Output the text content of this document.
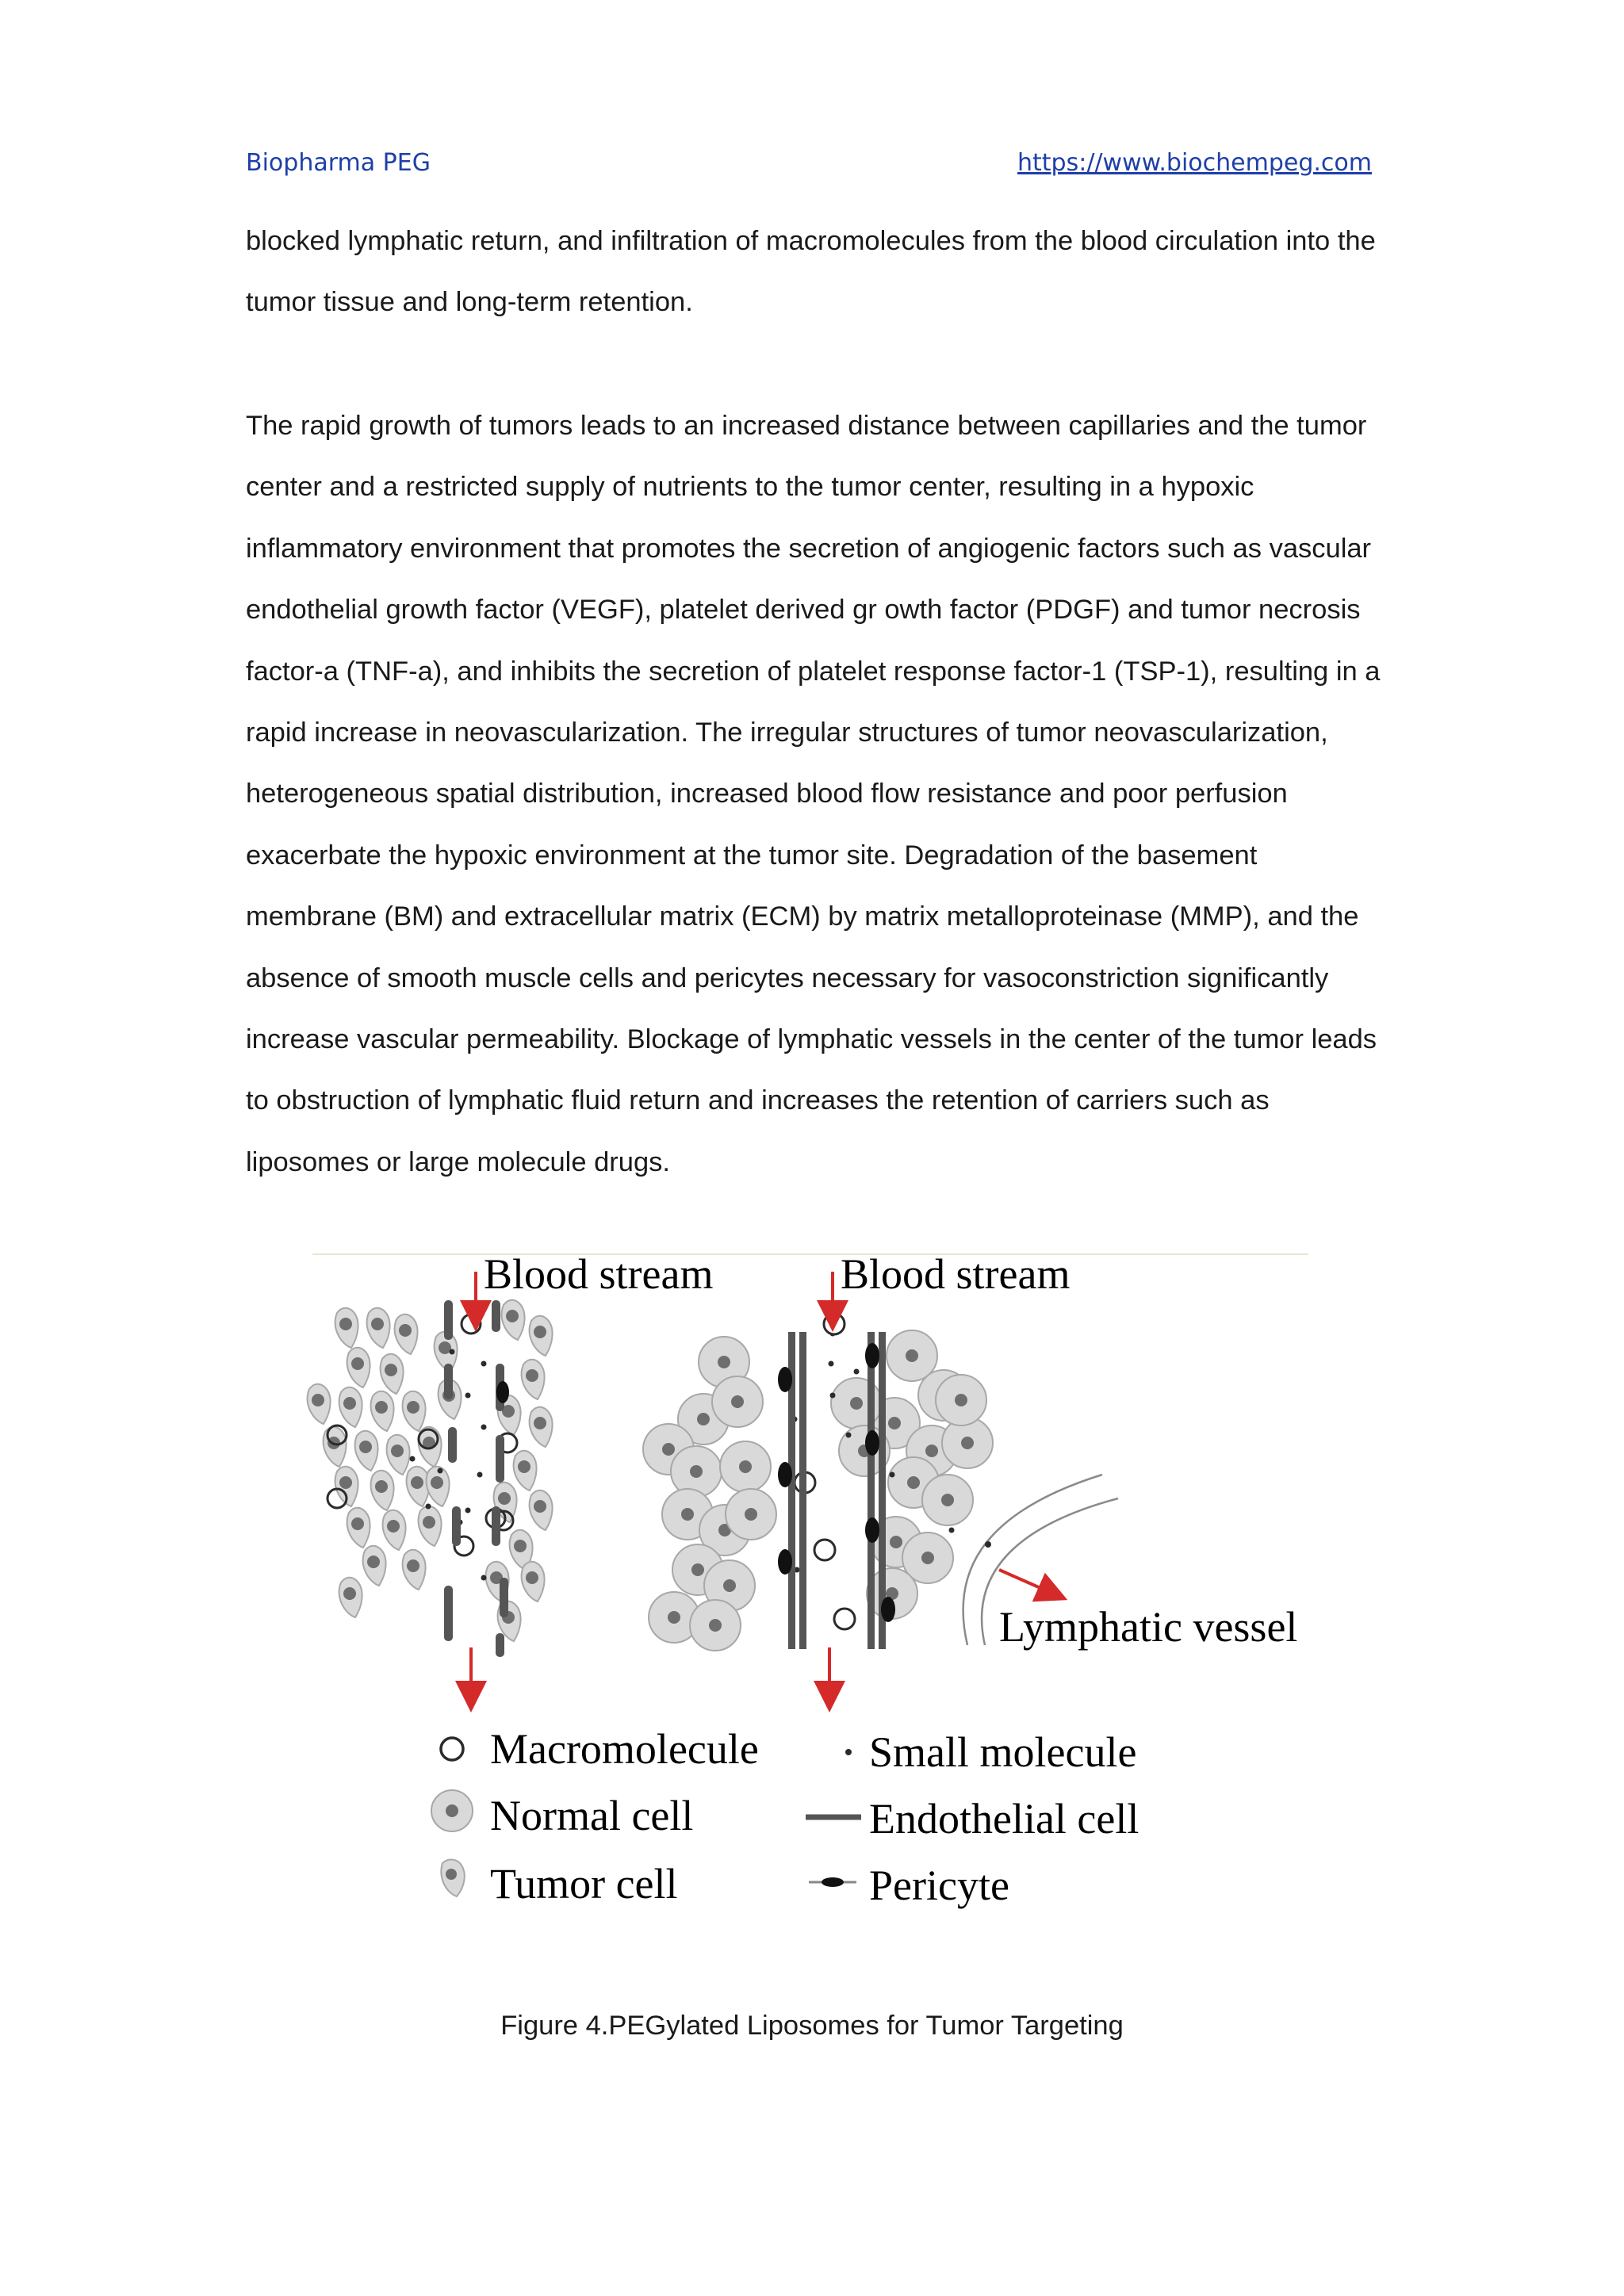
Biopharma PEG	https://www.biochempeg.com

blocked lymphatic return, and infiltration of macromolecules from the blood circulation into the tumor tissue and long-term retention.

The rapid growth of tumors leads to an increased distance between capillaries and the tumor center and a restricted supply of nutrients to the tumor center, resulting in a hypoxic inflammatory environment that promotes the secretion of angiogenic factors such as vascular endothelial growth factor (VEGF), platelet derived gr owth factor (PDGF) and tumor necrosis factor-a (TNF-a), and inhibits the secretion of platelet response factor-1 (TSP-1), resulting in a rapid increase in neovascularization. The irregular structures of tumor neovascularization, heterogeneous spatial distribution, increased blood flow resistance and poor perfusion exacerbate the hypoxic environment at the tumor site. Degradation of the basement membrane (BM) and extracellular matrix (ECM) by matrix metalloproteinase (MMP), and the absence of smooth muscle cells and pericytes necessary for vasoconstriction significantly increase vascular permeability. Blockage of lymphatic vessels in the center of the tumor leads to obstruction of lymphatic fluid return and increases the retention of carriers such as liposomes or large molecule drugs.

Blood stream	Blood stream
Lymphatic vessel
Macromolecule
Normal cell
Tumor cell
Small molecule
Endothelial cell
Pericyte
Figure 4.PEGylated Liposomes for Tumor Targeting
